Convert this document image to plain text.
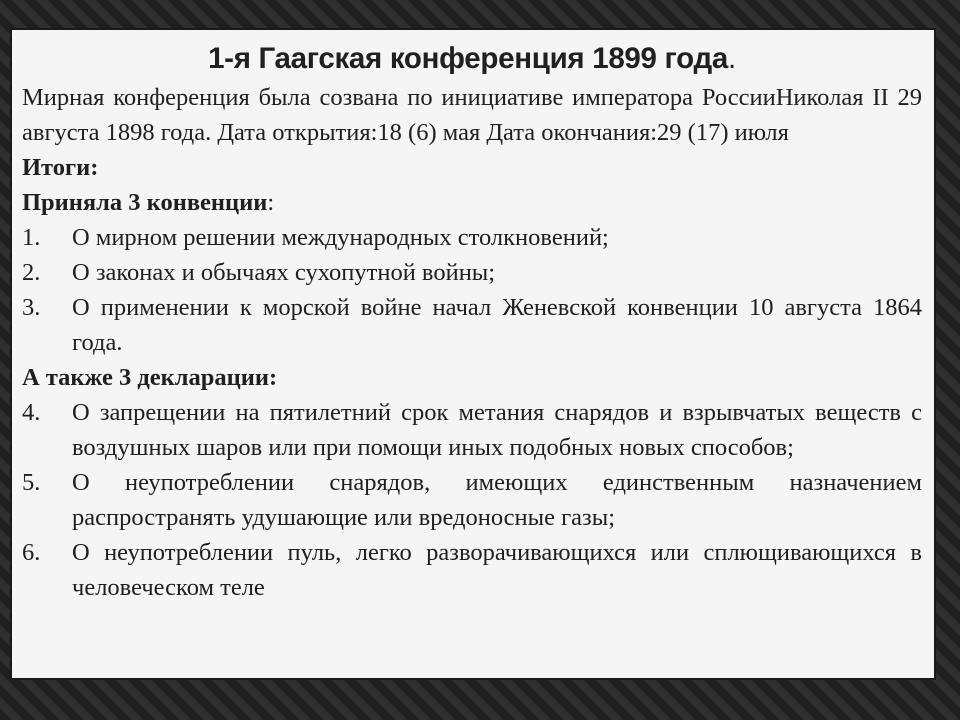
1-я Гаагская конференция 1899 года.

Мирная конференция была созвана по инициативе императора РоссииНиколая II 29 августа 1898 года. Дата открытия:18 (6) мая Дата окончания:29 (17) июля

Итоги:

Приняла 3 конвенции:

1.	О мирном решении международных столкновений;
2.	О законах и обычаях сухопутной войны;
3.	О применении к морской войне начал Женевской конвенции 10 августа 1864 года.

А также 3 декларации:

4.	О запрещении на пятилетний срок метания снарядов и взрывчатых веществ с воздушных шаров или при помощи иных подобных новых способов;
5.	О неупотреблении снарядов, имеющих единственным назначением распространять удушающие или вредоносные газы;
6.	О неупотреблении пуль, легко разворачивающихся или сплющивающихся в человеческом теле
